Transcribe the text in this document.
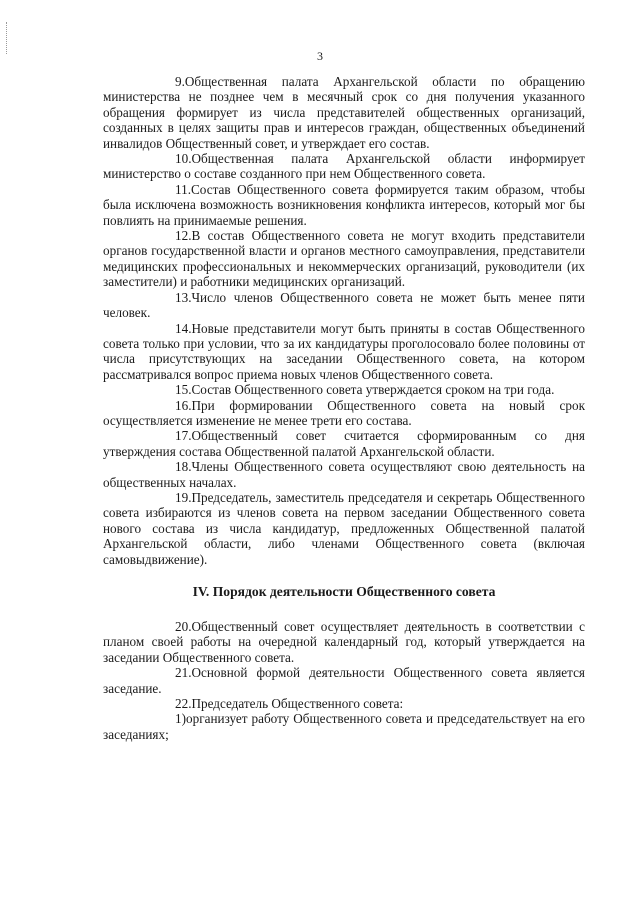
3

9.Общественная палата Архангельской области по обращению министерства не позднее чем в месячный срок со дня получения указанного обращения формирует из числа представителей общественных организаций, созданных в целях защиты прав и интересов граждан, общественных объединений инвалидов Общественный совет, и утверждает его состав.

10.Общественная палата Архангельской области информирует министерство о составе созданного при нем Общественного совета.

11.Состав Общественного совета формируется таким образом, чтобы была исключена возможность возникновения конфликта интересов, который мог бы повлиять на принимаемые решения.

12.В состав Общественного совета не могут входить представители органов государственной власти и органов местного самоуправления, представители медицинских профессиональных и некоммерческих организаций, руководители (их заместители) и работники медицинских организаций.

13.Число членов Общественного совета не может быть менее пяти человек.

14.Новые представители могут быть приняты в состав Общественного совета только при условии, что за их кандидатуры проголосовало более половины от числа присутствующих на заседании Общественного совета, на котором рассматривался вопрос приема новых членов Общественного совета.

15.Состав Общественного совета утверждается сроком на три года.

16.При формировании Общественного совета на новый срок осуществляется изменение не менее трети его состава.

17.Общественный совет считается сформированным со дня утверждения состава Общественной палатой Архангельской области.

18.Члены Общественного совета осуществляют свою деятельность на общественных началах.

19.Председатель, заместитель председателя и секретарь Общественного совета избираются из членов совета на первом заседании Общественного совета нового состава из числа кандидатур, предложенных Общественной палатой Архангельской области, либо членами Общественного совета (включая самовыдвижение).

IV. Порядок деятельности Общественного совета

20.Общественный совет осуществляет деятельность в соответствии с планом своей работы на очередной календарный год, который утверждается на заседании Общественного совета.

21.Основной формой деятельности Общественного совета является заседание.

22.Председатель Общественного совета:

1)организует работу Общественного совета и председательствует на его заседаниях;
